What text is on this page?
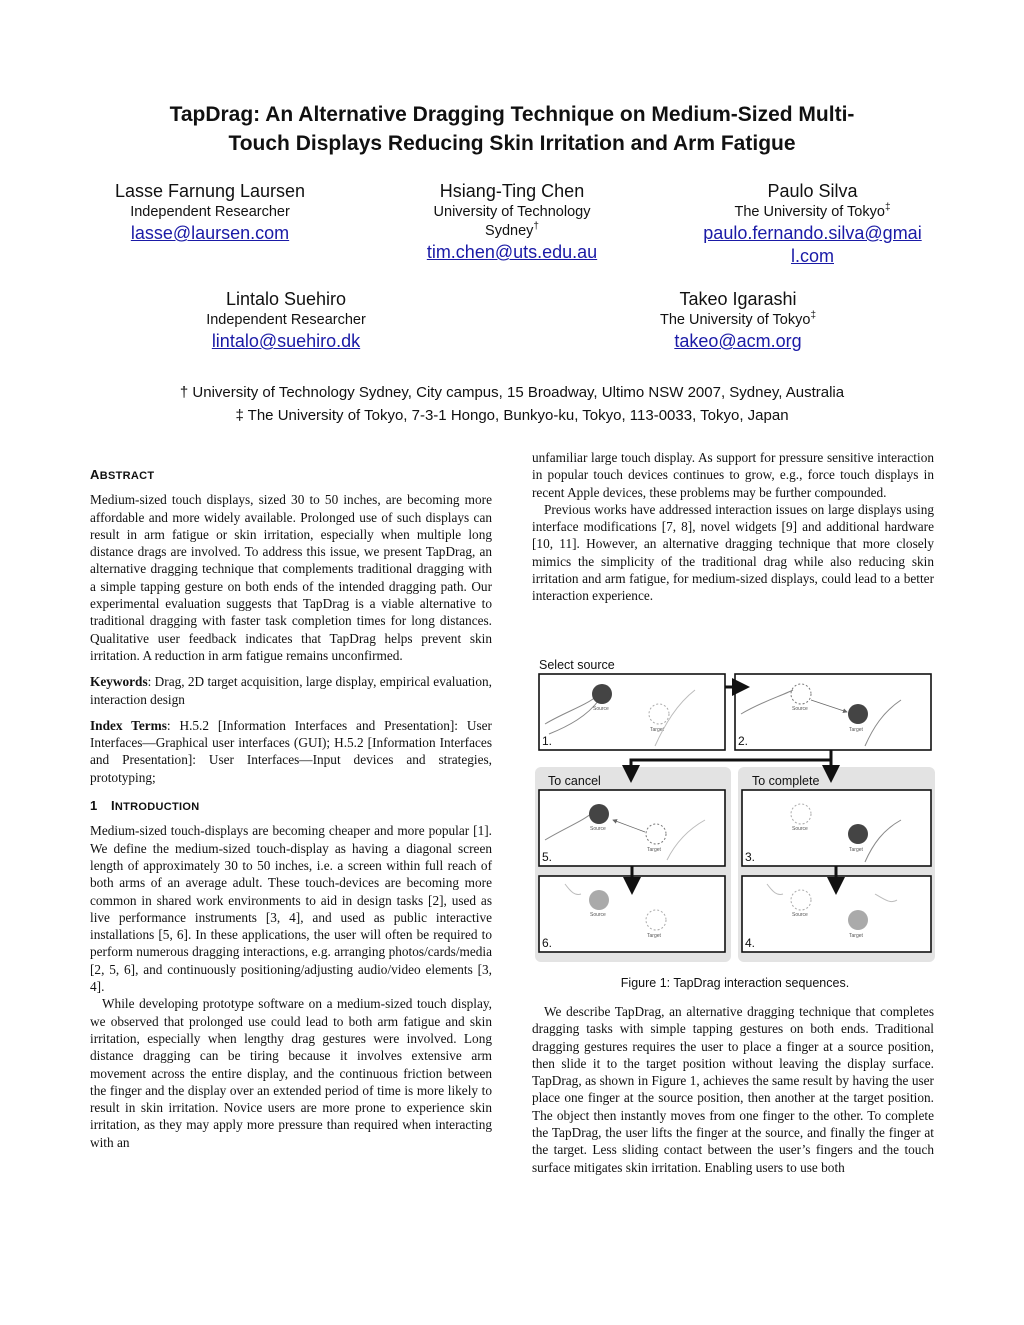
TapDrag: An Alternative Dragging Technique on Medium-Sized Multi-
Touch Displays Reducing Skin Irritation and Arm Fatigue
Lasse Farnung Laursen
Independent Researcher
lasse@laursen.com
Hsiang-Ting Chen
University of Technology
Sydney†
tim.chen@uts.edu.au
Paulo Silva
The University of Tokyo‡
paulo.fernando.silva@gmai
l.com
Lintalo Suehiro
Independent Researcher
lintalo@suehiro.dk
Takeo Igarashi
The University of Tokyo‡
takeo@acm.org
† University of Technology Sydney, City campus, 15 Broadway, Ultimo NSW 2007, Sydney, Australia
‡ The University of Tokyo, 7-3-1 Hongo, Bunkyo-ku, Tokyo, 113-0033, Tokyo, Japan

ABSTRACT

Medium-sized touch displays, sized 30 to 50 inches, are becoming more affordable and more widely available. Prolonged use of such displays can result in arm fatigue or skin irritation, especially when multiple long distance drags are involved. To address this issue, we present TapDrag, an alternative dragging technique that complements traditional dragging with a simple tapping gesture on both ends of the intended dragging path. Our experimental evaluation suggests that TapDrag is a viable alternative to traditional dragging with faster task completion times for long distances. Qualitative user feedback indicates that TapDrag helps prevent skin irritation. A reduction in arm fatigue remains unconfirmed.

Keywords: Drag, 2D target acquisition, large display, empirical evaluation, interaction design

Index Terms: H.5.2 [Information Interfaces and Presentation]: User Interfaces—Graphical user interfaces (GUI); H.5.2 [Information Interfaces and Presentation]: User Interfaces—Input devices and strategies, prototyping;

1 INTRODUCTION

Medium-sized touch-displays are becoming cheaper and more popular [1]. We define the medium-sized touch-display as having a diagonal screen length of approximately 30 to 50 inches, i.e. a screen within full reach of both arms of an average adult. These touch-devices are becoming more common in shared work environments to aid in design tasks [2], used as live performance instruments [3, 4], and used as public interactive installations [5, 6]. In these applications, the user will often be required to perform numerous dragging interactions, e.g. arranging photos/cards/media [2, 5, 6], and continuously positioning/adjusting audio/video elements [3, 4].

While developing prototype software on a medium-sized touch display, we observed that prolonged use could lead to both arm fatigue and skin irritation, especially when lengthy drag gestures were involved. Long distance dragging can be tiring because it involves extensive arm movement across the entire display, and the continuous friction between the finger and the display over an extended period of time is more likely to result in skin irritation. Novice users are more prone to experience skin irritation, as they may apply more pressure than required when interacting with an

unfamiliar large touch display. As support for pressure sensitive interaction in popular touch devices continues to grow, e.g., force touch displays in recent Apple devices, these problems may be further compounded.

Previous works have addressed interaction issues on large displays using interface modifications [7, 8], novel widgets [9] and additional hardware [10, 11]. However, an alternative dragging technique that more closely mimics the simplicity of the traditional drag while also reducing skin irritation and arm fatigue, for medium-sized displays, could lead to a better interaction experience.

Select source
To cancel	To complete
Source
Target
1.
Source
Target
2.
Source
Target
5.
Source
Target
3.
Source
Target
6.
Source
Target
4.
Figure 1: TapDrag interaction sequences.

We describe TapDrag, an alternative dragging technique that completes dragging tasks with simple tapping gestures on both ends. Traditional dragging gestures requires the user to place a finger at a source position, then slide it to the target position without leaving the display surface. TapDrag, as shown in Figure 1, achieves the same result by having the user place one finger at the source position, then another at the target position. The object then instantly moves from one finger to the other. To complete the TapDrag, the user lifts the finger at the source, and finally the finger at the target. Less sliding contact between the user’s fingers and the touch surface mitigates skin irritation. Enabling users to use both
